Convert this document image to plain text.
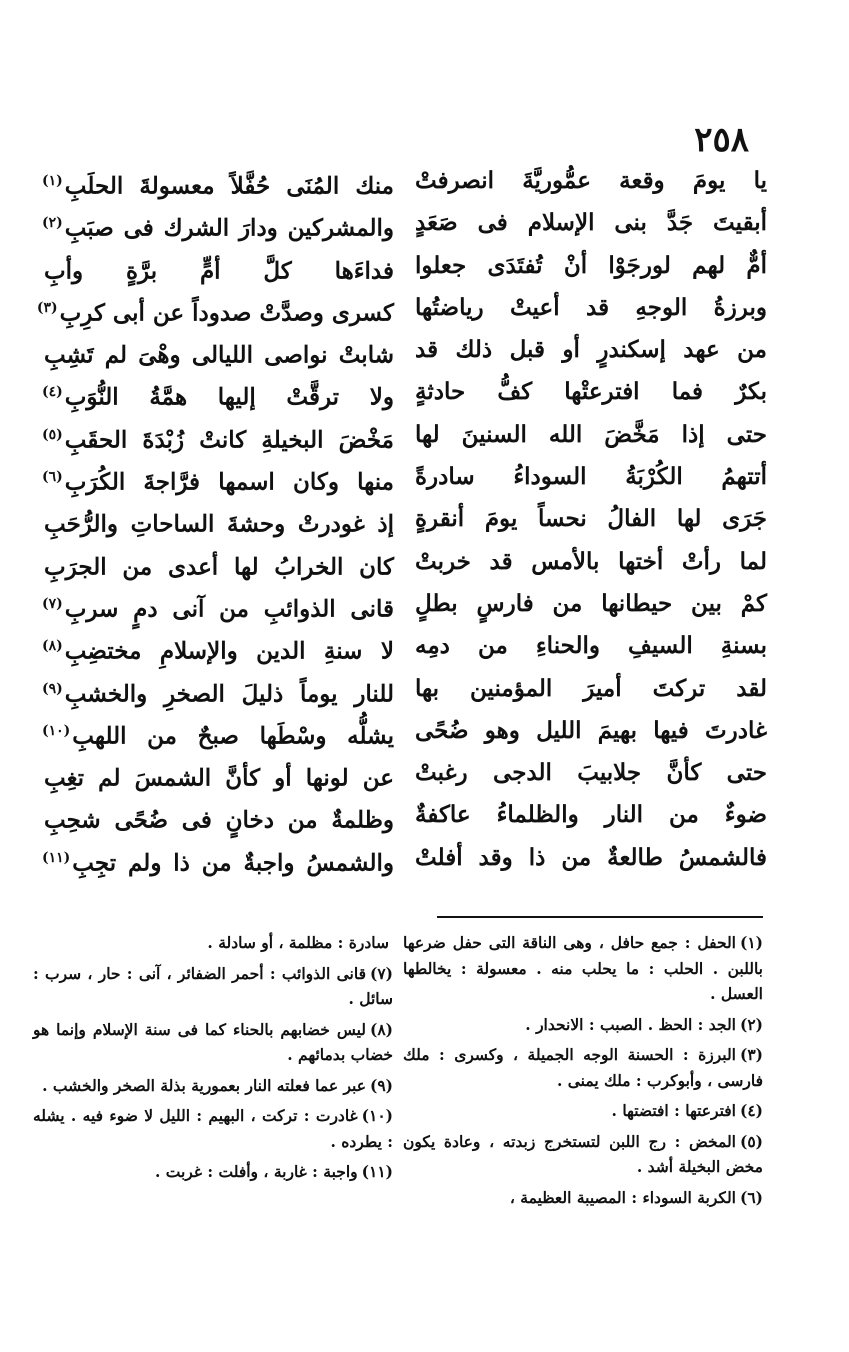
٢٥٨
يا يومَ وقعة عمُّوريَّةَ انصرفتْ
أبقيتَ جَدَّ بنى الإسلام فى صَعَدٍ
أمٌّ لهم لورجَوْا أنْ تُفتَدَى جعلوا
وبرزةُ الوجهِ قد أعيتْ رياضتُها
من عهد إسكندرٍ أو قبل ذلك قد
بكرٌ فما افترعتْها كفُّ حادثةٍ
حتى إذا مَخَّضَ الله السنينَ لها
أتتهمُ الكُرْبَةُ السوداءُ سادرةً
جَرَى لها الفالُ نحساً يومَ أنقرةٍ
لما رأتْ أختها بالأمس قد خربتْ
كمْ بين حيطانها من فارسٍ بطلٍ
بسنةِ السيفِ والحناءِ من دمِه
لقد تركتَ أميرَ المؤمنين بها
غادرتَ فيها بهيمَ الليل وهو ضُحًى
حتى كأنَّ جلابيبَ الدجى رغبتْ
ضوءٌ من النار والظلماءُ عاكفةٌ
فالشمسُ طالعةٌ من ذا وقد أفلتْ
منك المُنَى حُفَّلاً معسولةَ الحلَبِ$^{(١)}$
والمشركين ودارَ الشرك فى صبَبِ$^{(٢)}$
فداءَها كلَّ أمٍّ برَّةٍ وأبِ
كسرى وصدَّتْ صدوداً عن أبى كرِبِ$^{(٣)}$
شابتْ نواصى الليالى وهْىَ لم تَشِبِ
ولا ترقَّتْ إليها همَّةُ النُّوَبِ$^{(٤)}$
مَخْضَ البخيلةِ كانتْ زُبْدَةَ الحقَبِ$^{(٥)}$
منها وكان اسمها فرَّاجةَ الكُرَبِ$^{(٦)}$
إذ غودرتْ وحشةَ الساحاتِ والرُّحَبِ
كان الخرابُ لها أعدى من الجرَبِ
قانى الذوائبِ من آنى دمٍ سربِ$^{(٧)}$
لا سنةِ الدين والإسلامِ مختضِبِ$^{(٨)}$
للنار يوماً ذليلَ الصخرِ والخشبِ$^{(٩)}$
يشلُّه وسْطَها صبحٌ من اللهبِ$^{(١٠)}$
عن لونها أو كأنَّ الشمسَ لم تغِبِ
وظلمةٌ من دخانٍ فى ضُحًى شحِبِ
والشمسُ واجبةٌ من ذا ولم تجِبِ$^{(١١)}$
(١)الحفل : جمع حافل ، وهى الناقة التى حفل ضرعها باللبن . الحلب : ما يحلب منه . معسولة : يخالطها العسل .
(٢)الجد : الحظ . الصبب : الانحدار .
(٣)البرزة : الحسنة الوجه الجميلة ، وكسرى : ملك فارسى ، وأبوكرب : ملك يمنى .
(٤)افترعتها : افتضتها .
(٥)المخض : رج اللبن لتستخرج زبدته ، وعادة يكون مخض البخيلة أشد .
(٦)الكربة السوداء : المصيبة العظيمة ،
سادرة : مظلمة ، أو سادلة .
(٧)قانى الذوائب : أحمر الضفائر ، آنى : حار ، سرب : سائل .
(٨)ليس خضابهم بالحناء كما فى سنة الإسلام وإنما هو خضاب بدمائهم .
(٩)عبر عما فعلته النار بعمورية بذلة الصخر والخشب .
(١٠)غادرت : تركت ، البهيم : الليل لا ضوء فيه . يشله : يطرده .
(١١)واجبة : غاربة ، وأفلت : غربت .
